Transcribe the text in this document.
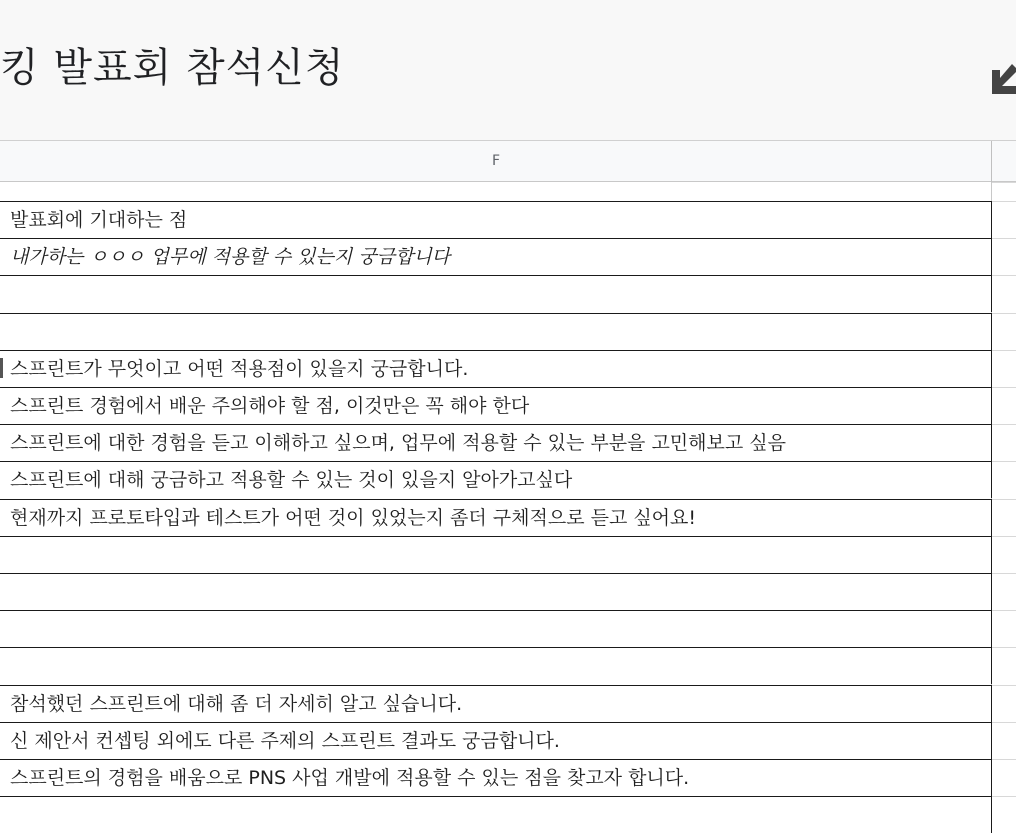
킹 발표회 참석신청
F
발표회에 기대하는 점
내가하는 ㅇㅇㅇ 업무에 적용할 수 있는지 궁금합니다
스프린트가 무엇이고 어떤 적용점이 있을지 궁금합니다.
스프린트 경험에서 배운 주의해야 할 점, 이것만은 꼭 해야 한다
스프린트에 대한 경험을 듣고 이해하고 싶으며, 업무에 적용할 수 있는 부분을 고민해보고 싶음
스프린트에 대해 궁금하고 적용할 수 있는 것이 있을지 알아가고싶다
현재까지 프로토타입과 테스트가 어떤 것이 있었는지 좀더 구체적으로 듣고 싶어요!
참석했던 스프린트에 대해 좀 더 자세히 알고 싶습니다.
신 제안서 컨셉팅 외에도 다른 주제의 스프린트 결과도 궁금합니다.
스프린트의 경험을 배움으로 PNS 사업 개발에 적용할 수 있는 점을 찾고자 합니다.
